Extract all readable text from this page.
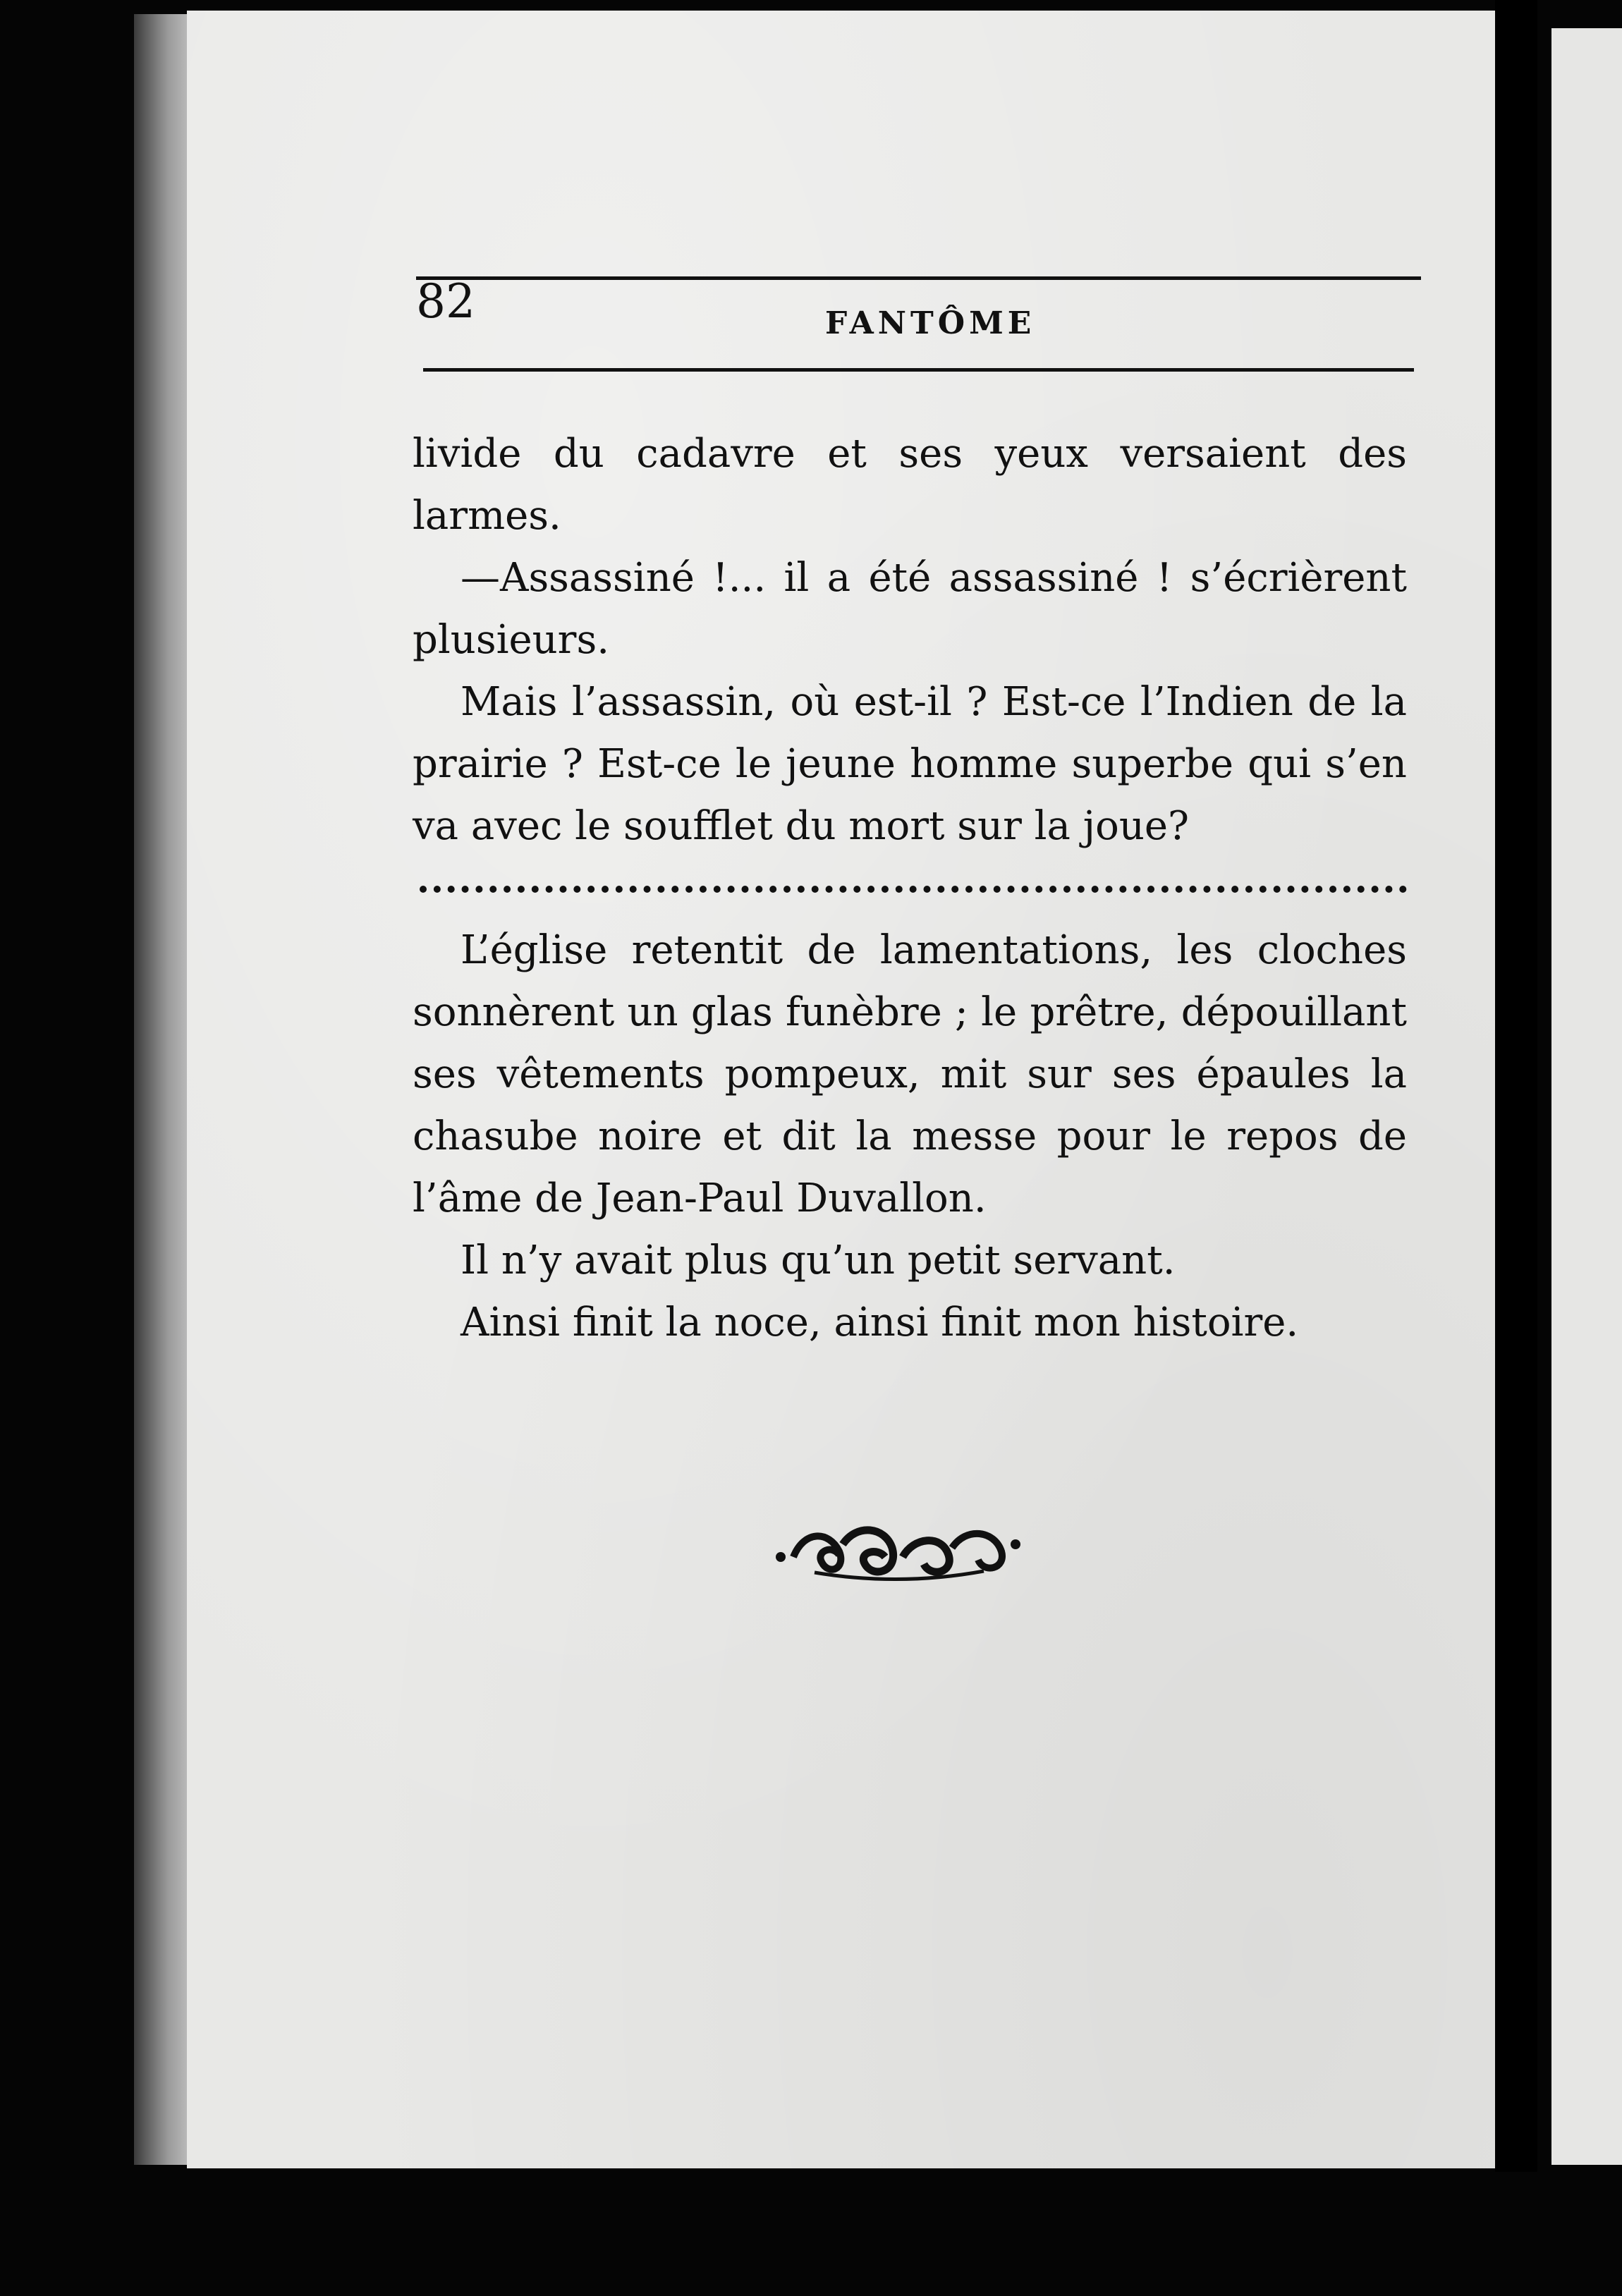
82	FANTÔME

livide du cadavre et ses yeux versaient des larmes.

—Assassiné !... il a été assassiné ! s’écrièrent plusieurs.

Mais l’assassin, où est-il ? Est-ce l’Indien de la prairie ? Est-ce le jeune homme superbe qui s’en va avec le soufflet du mort sur la joue?

L’église retentit de lamentations, les cloches sonnèrent un glas funèbre ; le prêtre, dépouillant ses vêtements pompeux, mit sur ses épaules la chasube noire et dit la messe pour le repos de l’âme de Jean-Paul Duvallon.

Il n’y avait plus qu’un petit servant.

Ainsi finit la noce, ainsi finit mon histoire.
